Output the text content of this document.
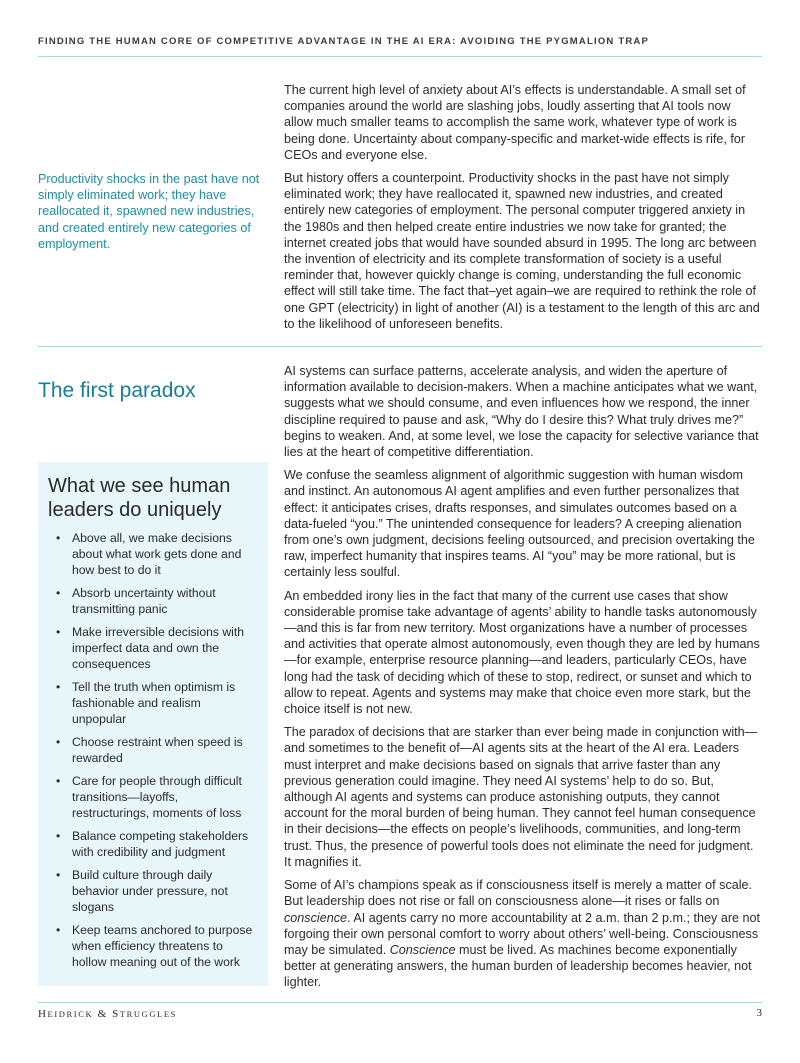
FINDING THE HUMAN CORE OF COMPETITIVE ADVANTAGE IN THE AI ERA: AVOIDING THE PYGMALION TRAP

The current high level of anxiety about AI’s effects is understandable. A small set of companies around the world are slashing jobs, loudly asserting that AI tools now allow much smaller teams to accomplish the same work, whatever type of work is being done. Uncertainty about company-specific and market-wide effects is rife, for CEOs and everyone else.

But history offers a counterpoint. Productivity shocks in the past have not simply eliminated work; they have reallocated it, spawned new industries, and created entirely new categories of employment. The personal computer triggered anxiety in the 1980s and then helped create entire industries we now take for granted; the internet created jobs that would have sounded absurd in 1995. The long arc between the invention of electricity and its complete transformation of society is a useful reminder that, however quickly change is coming, understanding the full economic effect will still take time. The fact that–yet again–we are required to rethink the role of one GPT (electricity) in light of another (AI) is a testament to the length of this arc and to the likelihood of unforeseen benefits.

Productivity shocks in the past have not simply eliminated work; they have reallocated it, spawned new industries, and created entirely new categories of employment.
The first paradox

AI systems can surface patterns, accelerate analysis, and widen the aperture of information available to decision-makers. When a machine anticipates what we want, suggests what we should consume, and even influences how we respond, the inner discipline required to pause and ask, “Why do I desire this? What truly drives me?” begins to weaken. And, at some level, we lose the capacity for selective variance that lies at the heart of competitive differentiation.

We confuse the seamless alignment of algorithmic suggestion with human wisdom and instinct. An autonomous AI agent amplifies and even further personalizes that effect: it anticipates crises, drafts responses, and simulates outcomes based on a data-fueled “you.” The unintended consequence for leaders? A creeping alienation from one’s own judgment, decisions feeling outsourced, and precision overtaking the raw, imperfect humanity that inspires teams. AI “you” may be more rational, but is certainly less soulful.

An embedded irony lies in the fact that many of the current use cases that show considerable promise take advantage of agents’ ability to handle tasks autonomously—and this is far from new territory. Most organizations have a number of processes and activities that operate almost autonomously, even though they are led by humans—for example, enterprise resource planning—and leaders, particularly CEOs, have long had the task of deciding which of these to stop, redirect, or sunset and which to allow to repeat. Agents and systems may make that choice even more stark, but the choice itself is not new.

The paradox of decisions that are starker than ever being made in conjunction with—and sometimes to the benefit of—AI agents sits at the heart of the AI era. Leaders must interpret and make decisions based on signals that arrive faster than any previous generation could imagine. They need AI systems’ help to do so. But, although AI agents and systems can produce astonishing outputs, they cannot account for the moral burden of being human. They cannot feel human consequence in their decisions—the effects on people’s livelihoods, communities, and long-term trust. Thus, the presence of powerful tools does not eliminate the need for judgment. It magnifies it.

Some of AI’s champions speak as if consciousness itself is merely a matter of scale. But leadership does not rise or fall on consciousness alone—it rises or falls on conscience. AI agents carry no more accountability at 2 a.m. than 2 p.m.; they are not forgoing their own personal comfort to worry about others’ well-being. Consciousness may be simulated. Conscience must be lived. As machines become exponentially better at generating answers, the human burden of leadership becomes heavier, not lighter.

What we see human leaders do uniquely
• Above all, we make decisions about what work gets done and how best to do it
• Absorb uncertainty without transmitting panic
• Make irreversible decisions with imperfect data and own the consequences
• Tell the truth when optimism is fashionable and realism unpopular
• Choose restraint when speed is rewarded
• Care for people through difficult transitions—layoffs, restructurings, moments of loss
• Balance competing stakeholders with credibility and judgment
• Build culture through daily behavior under pressure, not slogans
• Keep teams anchored to purpose when efficiency threatens to hollow meaning out of the work
HEIDRICK & STRUGGLES	3
